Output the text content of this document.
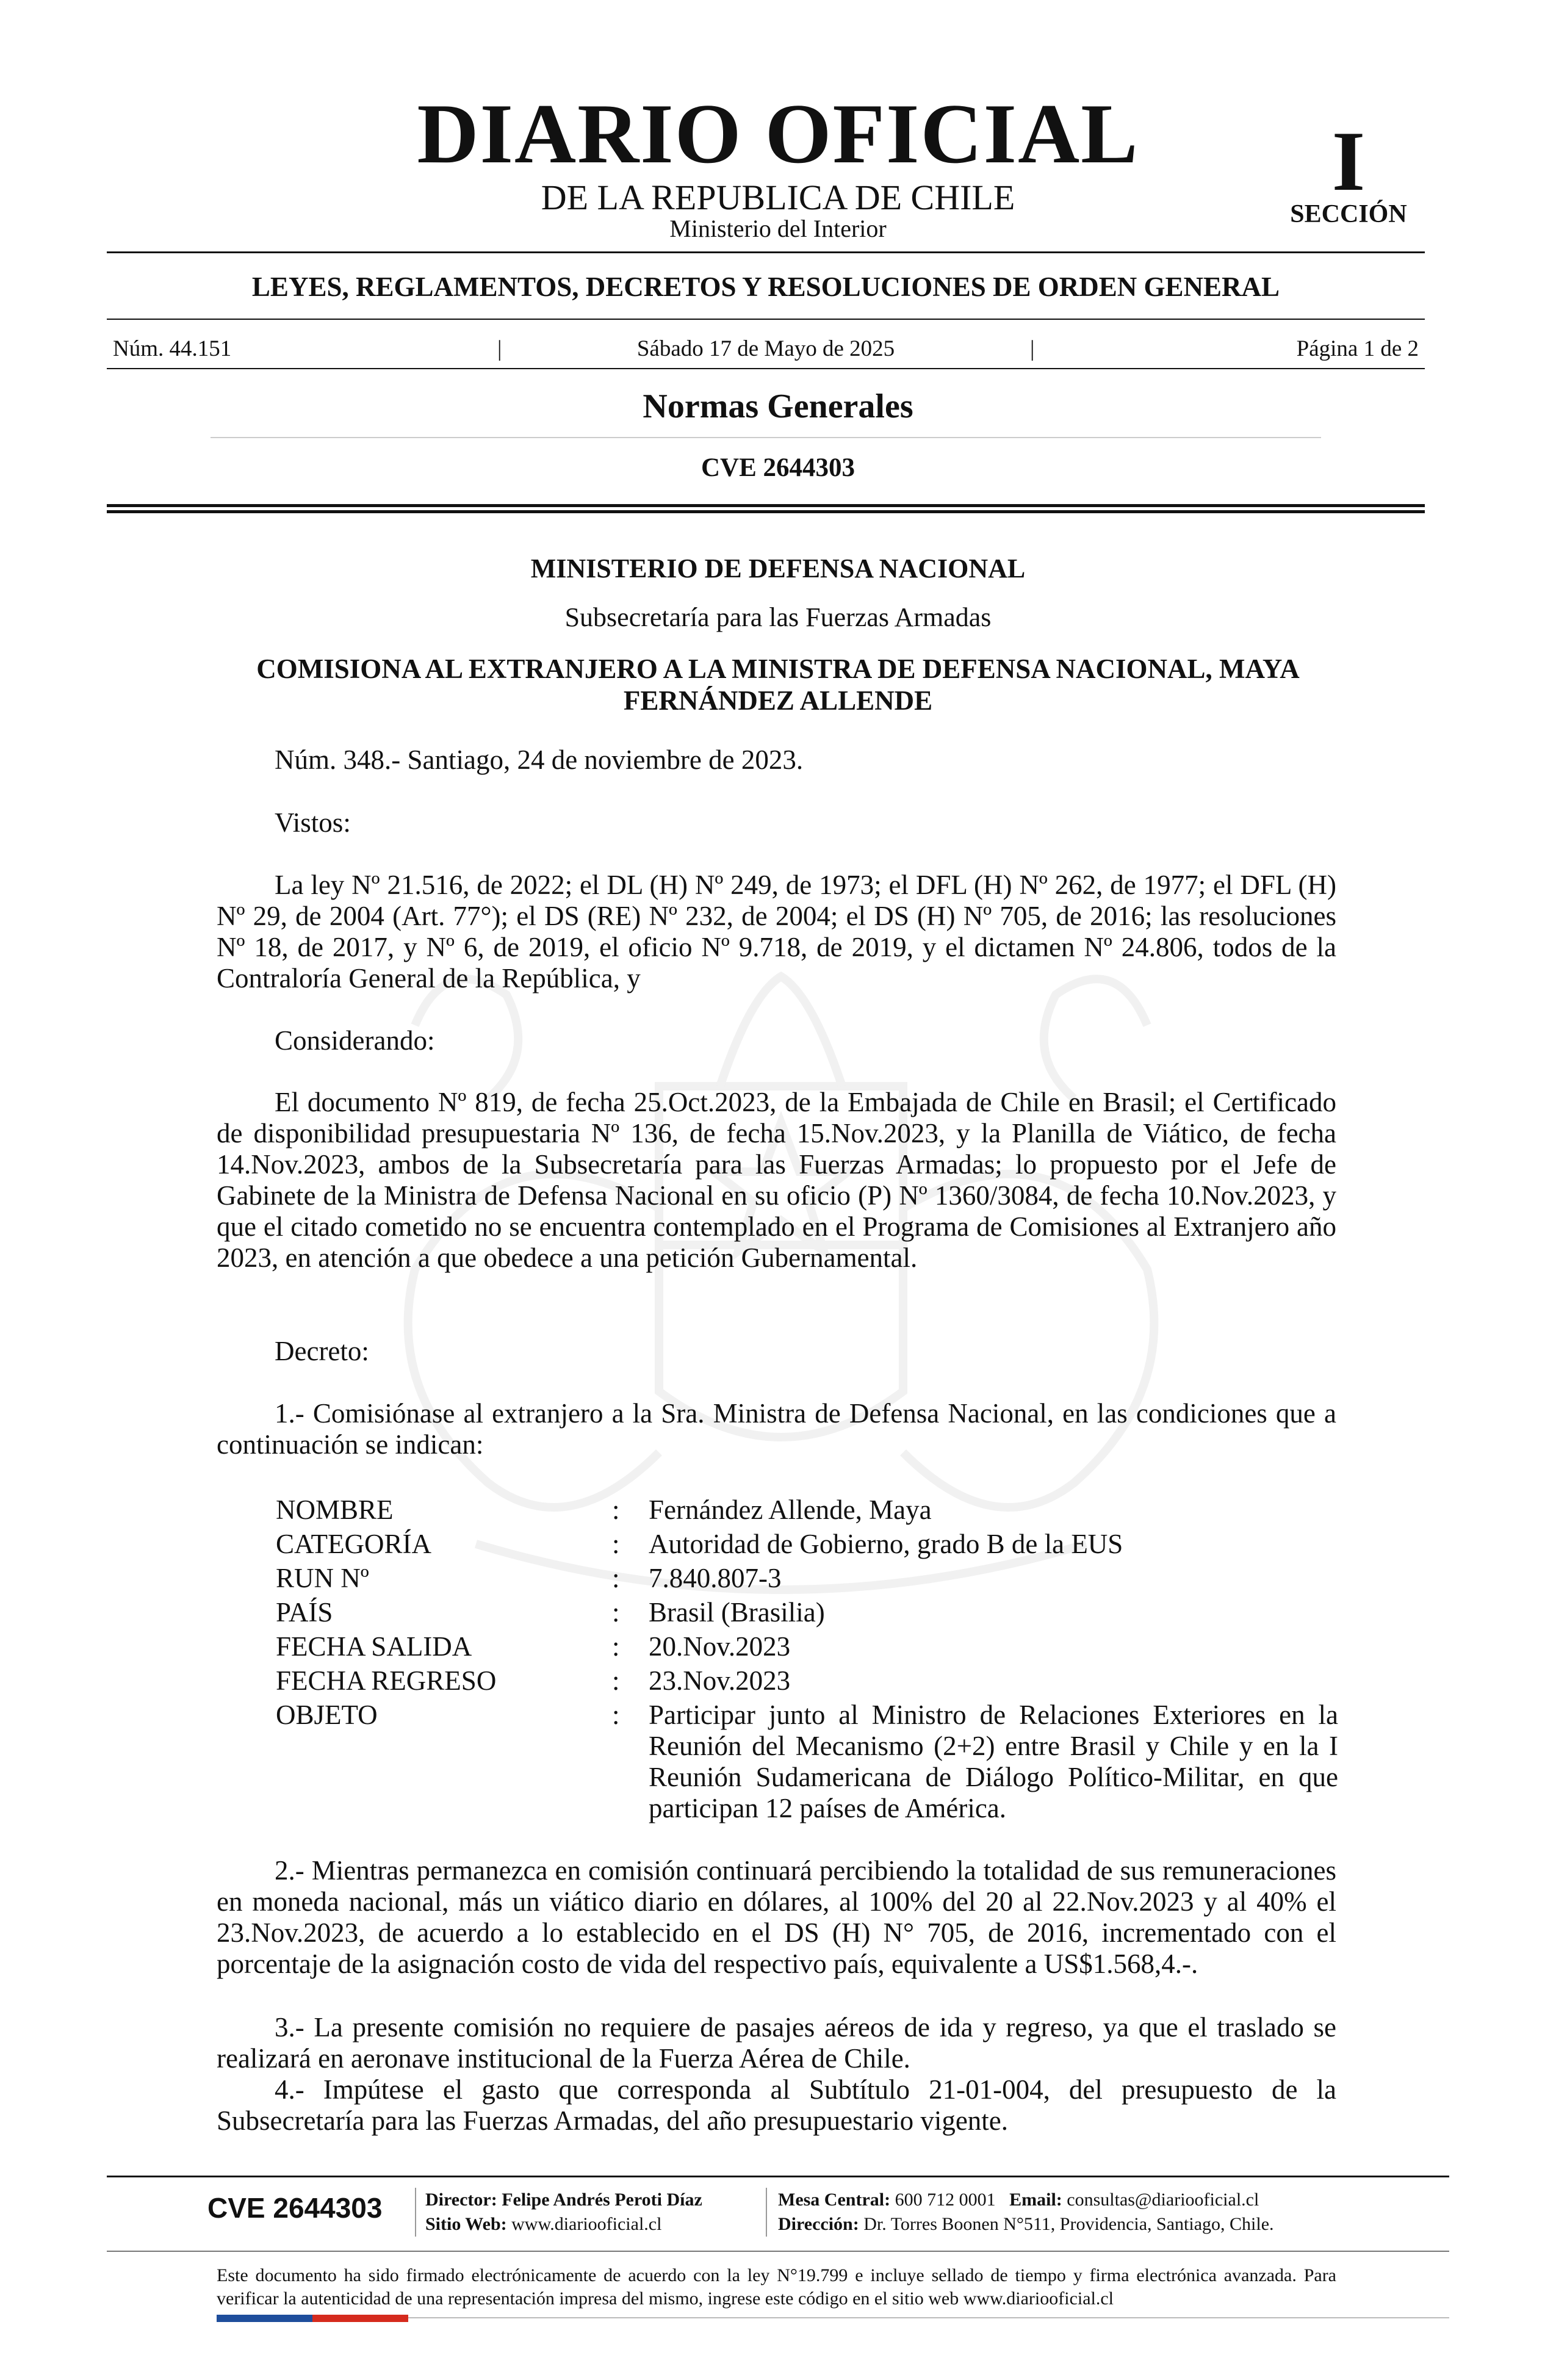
DIARIO OFICIAL
DE LA REPUBLICA DE CHILE
Ministerio del Interior
I
SECCIÓN
LEYES, REGLAMENTOS, DECRETOS Y RESOLUCIONES DE ORDEN GENERAL
Núm. 44.151	|	Sábado 17 de Mayo de 2025	|	Página 1 de 2
Normas Generales
CVE 2644303
MINISTERIO DE DEFENSA NACIONAL
Subsecretaría para las Fuerzas Armadas
COMISIONA AL EXTRANJERO A LA MINISTRA DE DEFENSA NACIONAL, MAYA FERNÁNDEZ ALLENDE
Núm. 348.- Santiago, 24 de noviembre de 2023.
Vistos:
La ley Nº 21.516, de 2022; el DL (H) Nº 249, de 1973; el DFL (H) Nº 262, de 1977; el DFL (H) Nº 29, de 2004 (Art. 77°); el DS (RE) Nº 232, de 2004; el DS (H) Nº 705, de 2016; las resoluciones Nº 18, de 2017, y Nº 6, de 2019, el oficio Nº 9.718, de 2019, y el dictamen Nº 24.806, todos de la Contraloría General de la República, y
Considerando:
El documento Nº 819, de fecha 25.Oct.2023, de la Embajada de Chile en Brasil; el Certificado de disponibilidad presupuestaria Nº 136, de fecha 15.Nov.2023, y la Planilla de Viático, de fecha 14.Nov.2023, ambos de la Subsecretaría para las Fuerzas Armadas; lo propuesto por el Jefe de Gabinete de la Ministra de Defensa Nacional en su oficio (P) Nº 1360/3084, de fecha 10.Nov.2023, y que el citado cometido no se encuentra contemplado en el Programa de Comisiones al Extranjero año 2023, en atención a que obedece a una petición Gubernamental.
Decreto:
1.- Comisiónase al extranjero a la Sra. Ministra de Defensa Nacional, en las condiciones que a continuación se indican:
NOMBRE	: Fernández Allende, Maya
CATEGORÍA	: Autoridad de Gobierno, grado B de la EUS
RUN Nº	: 7.840.807-3
PAÍS	: Brasil (Brasilia)
FECHA SALIDA	: 20.Nov.2023
FECHA REGRESO	: 23.Nov.2023
OBJETO	: Participar junto al Ministro de Relaciones Exteriores en la Reunión del Mecanismo (2+2) entre Brasil y Chile y en la I Reunión Sudamericana de Diálogo Político-Militar, en que participan 12 países de América.
2.- Mientras permanezca en comisión continuará percibiendo la totalidad de sus remuneraciones en moneda nacional, más un viático diario en dólares, al 100% del 20 al 22.Nov.2023 y al 40% el 23.Nov.2023, de acuerdo a lo establecido en el DS (H) N° 705, de 2016, incrementado con el porcentaje de la asignación costo de vida del respectivo país, equivalente a US$1.568,4.-.
3.- La presente comisión no requiere de pasajes aéreos de ida y regreso, ya que el traslado se realizará en aeronave institucional de la Fuerza Aérea de Chile.
4.- Impútese el gasto que corresponda al Subtítulo 21-01-004, del presupuesto de la Subsecretaría para las Fuerzas Armadas, del año presupuestario vigente.
CVE 2644303	Director: Felipe Andrés Peroti Díaz
Sitio Web: www.diariooficial.cl
Mesa Central: 600 712 0001 Email: consultas@diariooficial.cl
Dirección: Dr. Torres Boonen N°511, Providencia, Santiago, Chile.
Este documento ha sido firmado electrónicamente de acuerdo con la ley N°19.799 e incluye sellado de tiempo y firma electrónica avanzada. Para verificar la autenticidad de una representación impresa del mismo, ingrese este código en el sitio web www.diariooficial.cl
